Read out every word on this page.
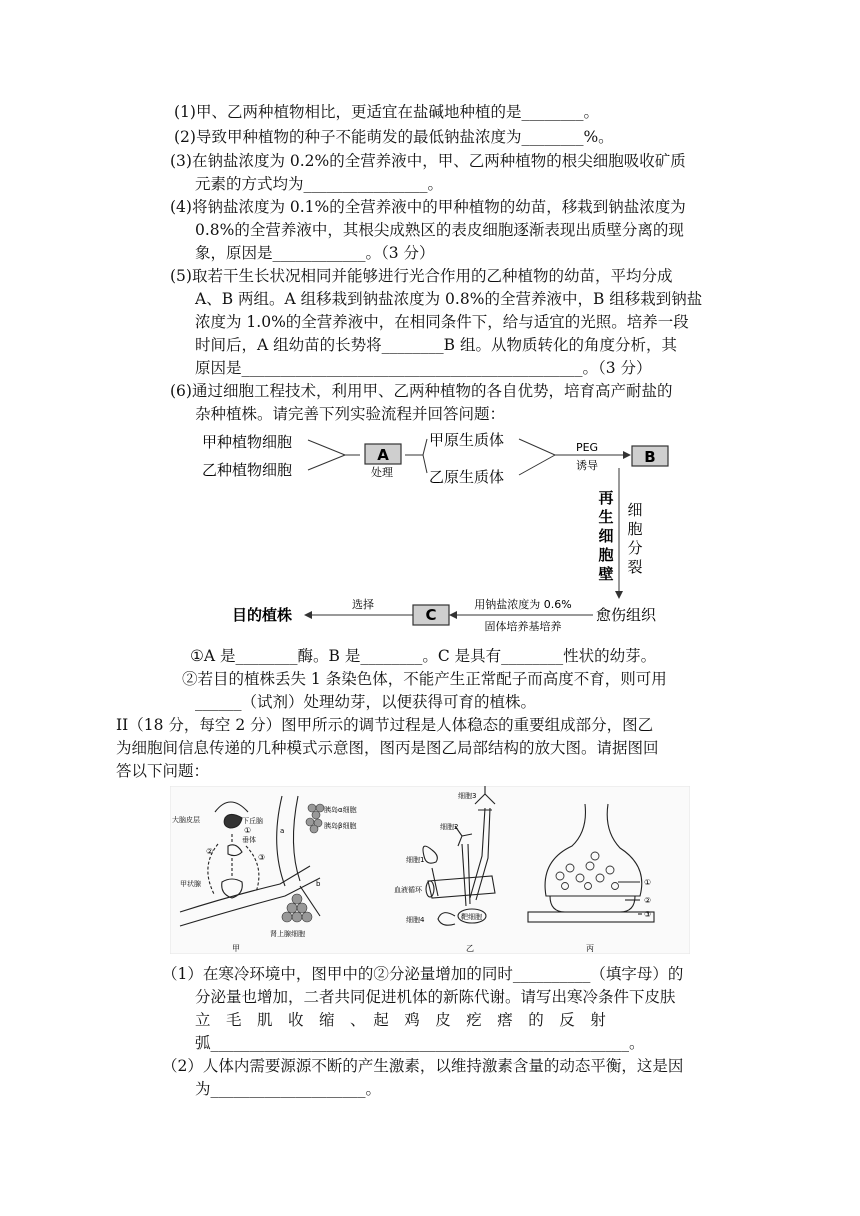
(1)甲、乙两种植物相比，更适宜在盐碱地种植的是________。
(2)导致甲种植物的种子不能萌发的最低钠盐浓度为________%。
(3)在钠盐浓度为 0.2%的全营养液中，甲、乙两种植物的根尖细胞吸收矿质
元素的方式均为________________。
(4)将钠盐浓度为 0.1%的全营养液中的甲种植物的幼苗，移栽到钠盐浓度为
0.8%的全营养液中，其根尖成熟区的表皮细胞逐渐表现出质壁分离的现
象，原因是____________。（3 分）
(5)取若干生长状况相同并能够进行光合作用的乙种植物的幼苗，平均分成
A、B 两组。A 组移栽到钠盐浓度为 0.8%的全营养液中，B 组移栽到钠盐
浓度为 1.0%的全营养液中，在相同条件下，给与适宜的光照。培养一段
时间后，A 组幼苗的长势将________B 组。从物质转化的角度分析，其
原因是____________________________________________。（3 分）
(6)通过细胞工程技术，利用甲、乙两种植物的各自优势，培育高产耐盐的
杂种植株。请完善下列实验流程并回答问题：
甲种植物细胞
乙种植物细胞
A
处理
甲原生质体
乙原生质体
PEG
诱导	B
再
生
细
胞
壁
细
胞
分
裂
愈伤组织
用钠盐浓度为 0.6%
固体培养基培养
C
选择
目的植株
①A 是________酶。B 是________。C 是具有________性状的幼芽。
②若目的植株丢失 1 条染色体，不能产生正常配子而高度不育，则可用
______（试剂）处理幼芽，以便获得可育的植株。
II（18 分，每空 2 分）图甲所示的调节过程是人体稳态的重要组成部分，图乙
为细胞间信息传递的几种模式示意图，图丙是图乙局部结构的放大图。请据图回
答以下问题：
大脑皮层	下丘脑
垂体
甲状腺
胰岛α细胞
胰岛β细胞
肾上腺细胞
①
②
③
a
b
甲
细胞3
细胞2
细胞1
血液循环
细胞4	靶细胞
乙
①
②
③
丙
（1）在寒冷环境中，图甲中的②分泌量增加的同时__________（填字母）的
分泌量也增加，二者共同促进机体的新陈代谢。请写出寒冷条件下皮肤
立　毛　肌　收　缩　、　起　鸡　皮　疙　瘩　的　反　射
弧______________________________________________________。
（2）人体内需要源源不断的产生激素，以维持激素含量的动态平衡，这是因
为____________________。
